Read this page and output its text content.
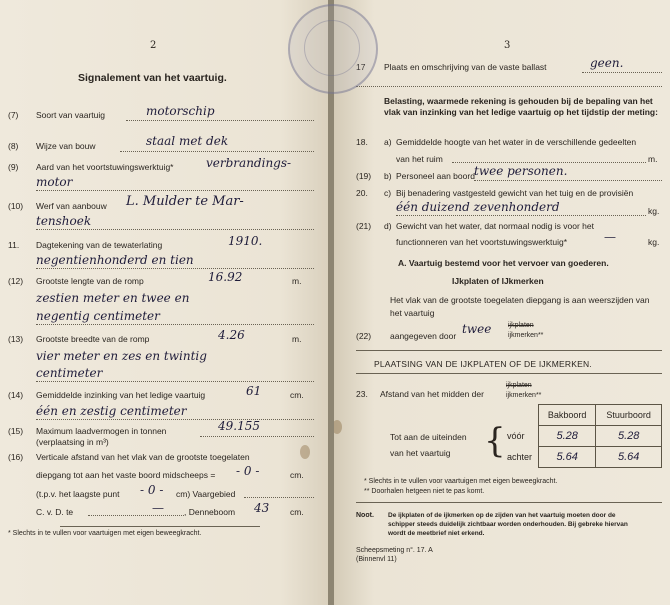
2
Signalement van het vaartuig.
(7) Soort van vaartuig	motorschip
(8) Wijze van bouw	staal met dek
(9) Aard van het voortstuwingswerktuig*	verbrandings-
motor
(10) Werf van aanbouw L. Mulder te Mar-
tenshoek
11. Dagtekening van de tewaterlating	1910.
negentienhonderd en tien
(12) Grootste lengte van de romp	16.92	m.
zestien meter en twee en
negentig centimeter
(13) Grootste breedte van de romp	4.26	m.
vier meter en zes en twintig
centimeter
(14) Gemiddelde inzinking van het ledige vaartuig	61	cm.
één en zestig centimeter
(15) Maximum laadvermogen in tonnen
(verplaatsing in m³)
49.155
(16) Verticale afstand van het vlak van de grootste toegelaten
diepgang tot aan het vaste boord midscheeps = - 0 -	cm.
(t.p.v. het laagste punt - 0 - cm) Vaargebied
C. v. D. te	— , Denneboom 43 cm.
* Slechts in te vullen voor vaartuigen met eigen beweegkracht.
3
17 Plaats en omschrijving van de vaste ballast	geen.
Belasting, waarmede rekening is gehouden bij de bepaling van het vlak van inzinking van het ledige vaartuig op het tijdstip der meting:
18. a) Gemiddelde hoogte van het water in de verschillende gedeelten
van het ruim	m.
(19) b) Personeel aan boord twee personen.
20. c) Bij benadering vastgesteld gewicht van het tuig en de provisiën
één duizend zevenhonderd	kg.
(21) d) Gewicht van het water, dat normaal nodig is voor het
functionneren van het voortstuwingswerktuig*	—	kg.
A. Vaartuig bestemd voor het vervoer van goederen.
IJkplaten of IJkmerken
Het vlak van de grootste toegelaten diepgang is aan weerszijden van het vaartuig
(22) aangegeven door twee ijkplaten
ijkmerken**
PLAATSING VAN DE IJKPLATEN OF DE IJKMERKEN.
23. Afstand van het midden der
ijkplaten
ijkmerken**
	Bakboord	Stuurboord
vóór	5.28	5.28
achter	5.64	5.64
Tot aan de uiteinden
van het vaartuig {
* Slechts in te vullen voor vaartuigen met eigen beweegkracht.
** Doorhalen hetgeen niet te pas komt.
Noot. De ijkplaten of de ijkmerken op de zijden van het vaartuig moeten door de
schipper steeds duidelijk zichtbaar worden onderhouden. Bij gebreke hiervan
wordt de meetbrief niet erkend.
Scheepsmeting n°. 17. A
(Binnenvl 11)
